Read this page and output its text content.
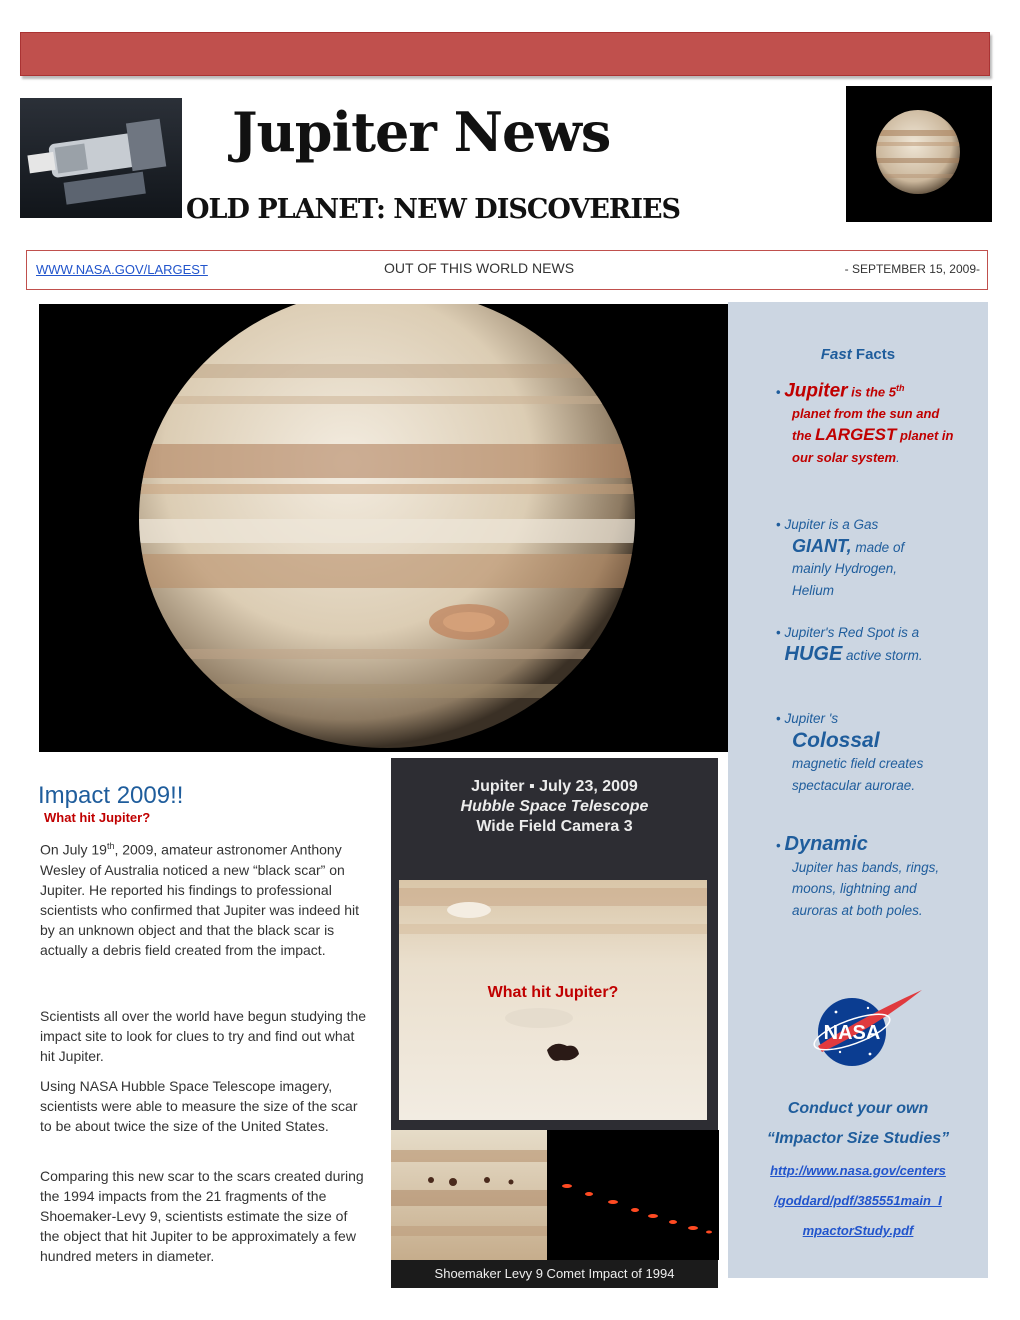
Jupiter News
OLD PLANET: NEW DISCOVERIES
WWW.NASA.GOV/LARGEST	OUT OF THIS WORLD NEWS	- SEPTEMBER 15, 2009-
Fast Facts
• Jupiter is the 5th
planet from the sun and the LARGEST planet in our solar system.
• Jupiter is a Gas
GIANT, made of mainly Hydrogen, Helium
• Jupiter's Red Spot is a HUGE active storm.
• Jupiter 's
Colossal
magnetic field creates spectacular aurorae.
• Dynamic
Jupiter has bands, rings, moons, lightning and auroras at both poles.
NASA
Conduct your own
“Impactor Size Studies”
http://www.nasa.gov/centers
/goddard/pdf/385551main_I
mpactorStudy.pdf
Impact 2009!!
What hit Jupiter?
On July 19th, 2009, amateur astronomer Anthony Wesley of Australia noticed a new “black scar” on Jupiter. He reported his findings to professional scientists who confirmed that Jupiter was indeed hit by an unknown object and that the black scar is actually a debris field created from the impact.
Scientists all over the world have begun studying the impact site to look for clues to try and find out what hit Jupiter.
Using NASA Hubble Space Telescope imagery, scientists were able to measure the size of the scar to be about twice the size of the United States.
Comparing this new scar to the scars created during the 1994 impacts from the 21 fragments of the Shoemaker-Levy 9, scientists estimate the size of the object that hit Jupiter to be approximately a few hundred meters in diameter.
Jupiter ▪ July 23, 2009
Hubble Space Telescope
Wide Field Camera 3
What hit Jupiter?
Shoemaker Levy 9 Comet Impact of 1994
